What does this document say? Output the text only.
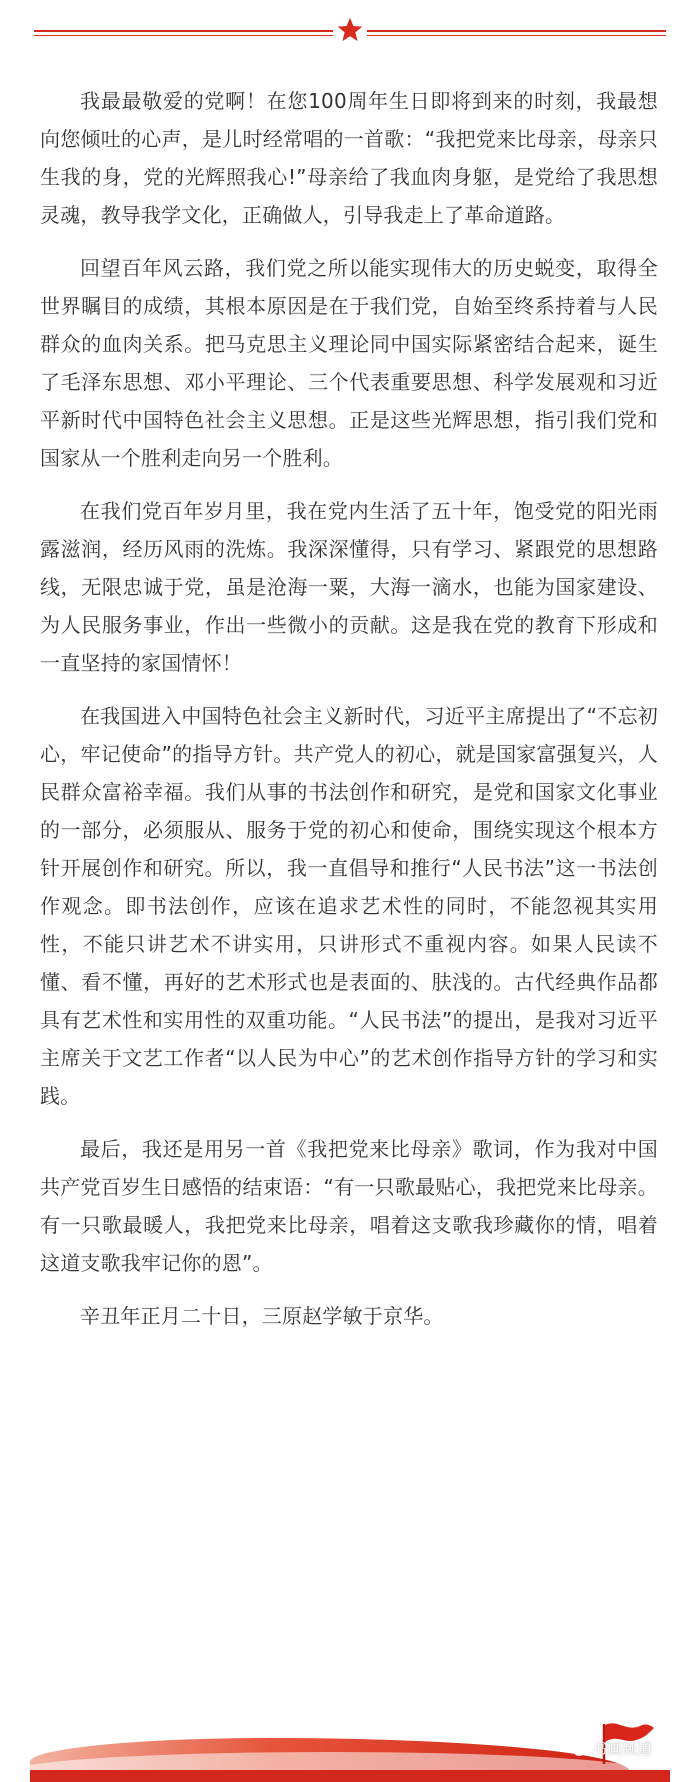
我最最敬爱的党啊！在您100周年生日即将到来的时刻，我最想向您倾吐的心声，是儿时经常唱的一首歌：“我把党来比母亲，母亲只生我的身，党的光辉照我心!”母亲给了我血肉身躯，是党给了我思想灵魂，教导我学文化，正确做人，引导我走上了革命道路。

回望百年风云路，我们党之所以能实现伟大的历史蜕变，取得全世界瞩目的成绩，其根本原因是在于我们党，自始至终系持着与人民群众的血肉关系。把马克思主义理论同中国实际紧密结合起来，诞生了毛泽东思想、邓小平理论、三个代表重要思想、科学发展观和习近平新时代中国特色社会主义思想。正是这些光辉思想，指引我们党和国家从一个胜利走向另一个胜利。

在我们党百年岁月里，我在党内生活了五十年，饱受党的阳光雨露滋润，经历风雨的洗炼。我深深懂得，只有学习、紧跟党的思想路线，无限忠诚于党，虽是沧海一粟，大海一滴水，也能为国家建设、为人民服务事业，作出一些微小的贡献。这是我在党的教育下形成和一直坚持的家国情怀！

在我国进入中国特色社会主义新时代，习近平主席提出了“不忘初心，牢记使命”的指导方针。共产党人的初心，就是国家富强复兴，人民群众富裕幸福。我们从事的书法创作和研究，是党和国家文化事业的一部分，必须服从、服务于党的初心和使命，围绕实现这个根本方针开展创作和研究。所以，我一直倡导和推行“人民书法”这一书法创作观念。即书法创作，应该在追求艺术性的同时，不能忽视其实用性，不能只讲艺术不讲实用，只讲形式不重视内容。如果人民读不懂、看不懂，再好的艺术形式也是表面的、肤浅的。古代经典作品都具有艺术性和实用性的双重功能。“人民书法”的提出，是我对习近平主席关于文艺工作者“以人民为中心”的艺术创作指导方针的学习和实践。

最后，我还是用另一首《我把党来比母亲》歌词，作为我对中国共产党百岁生日感悟的结束语：“有一只歌最贴心，我把党来比母亲。有一只歌最暖人，我把党来比母亲，唱着这支歌我珍藏你的情，唱着这道支歌我牢记你的恩”。

辛丑年正月二十日，三原赵学敏于京华。

书画频道
